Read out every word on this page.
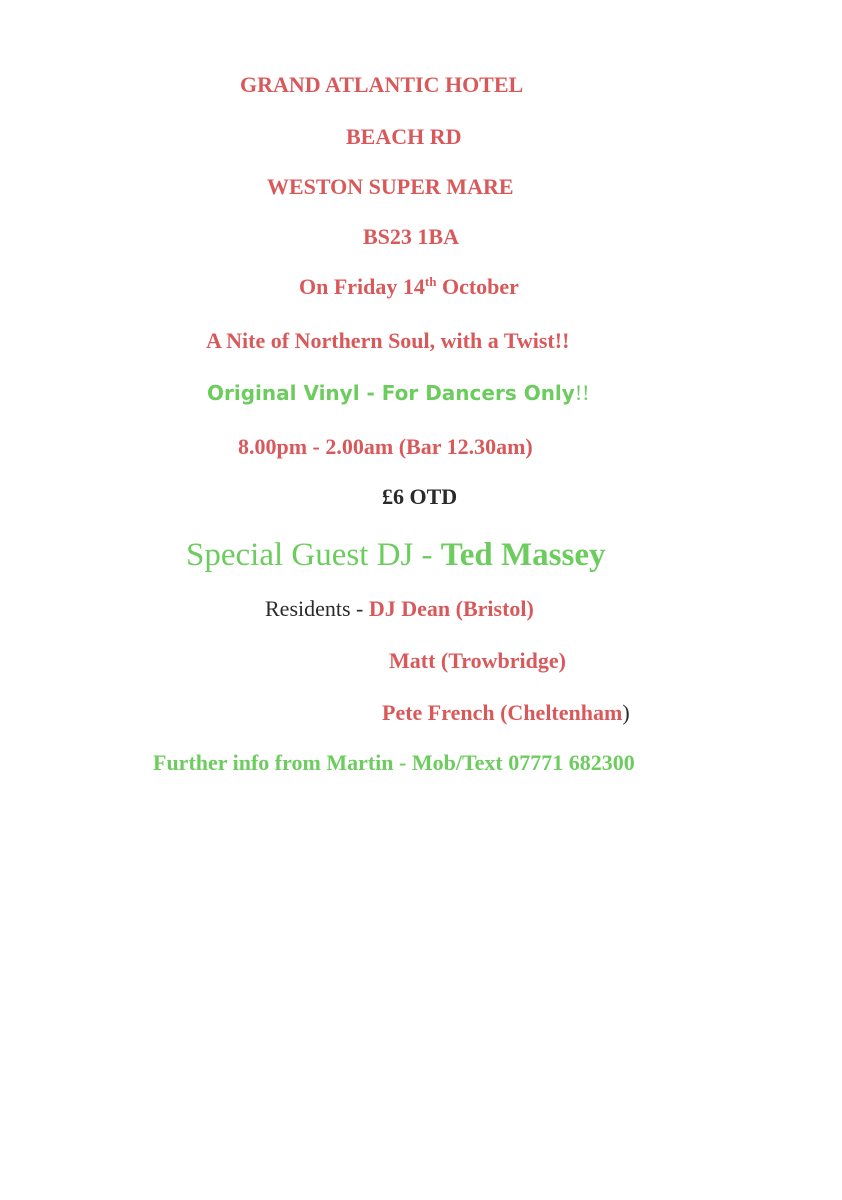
GRAND ATLANTIC HOTEL
BEACH RD
WESTON SUPER MARE
BS23 1BA
On Friday 14th October
A Nite of Northern Soul, with a Twist!!
Original Vinyl - For Dancers Only!!
8.00pm - 2.00am (Bar 12.30am)
£6 OTD
Special Guest DJ - Ted Massey
Residents - DJ Dean (Bristol)
Matt (Trowbridge)
Pete French (Cheltenham)
Further info from Martin - Mob/Text 07771 682300
